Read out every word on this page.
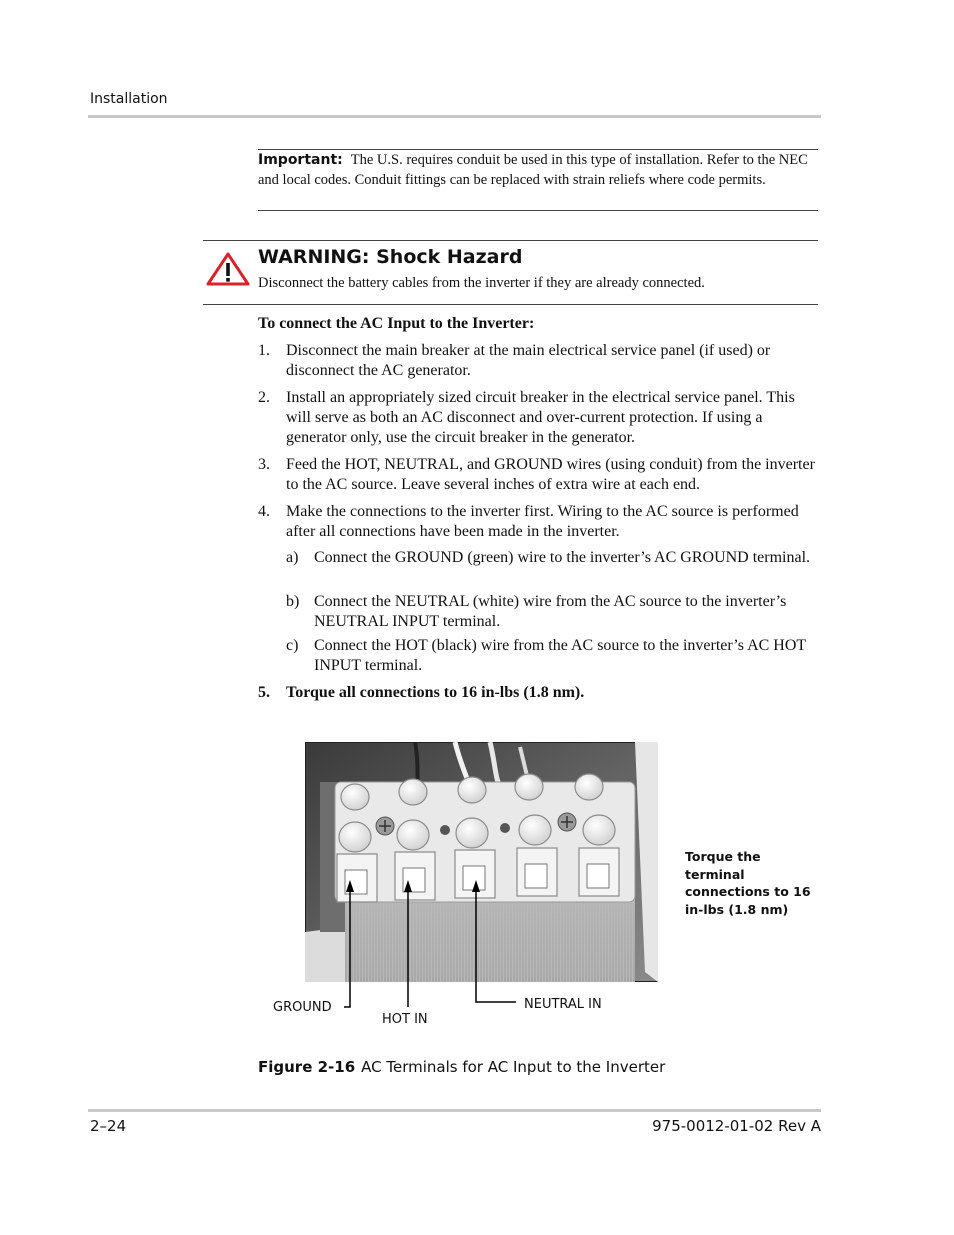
Installation
Important: The U.S. requires conduit be used in this type of installation. Refer to the NEC and local codes. Conduit fittings can be replaced with strain reliefs where code permits.
WARNING: Shock Hazard
Disconnect the battery cables from the inverter if they are already connected.
To connect the AC Input to the Inverter:
1. Disconnect the main breaker at the main electrical service panel (if used) or disconnect the AC generator.
2. Install an appropriately sized circuit breaker in the electrical service panel. This will serve as both an AC disconnect and over-current protection. If using a generator only, use the circuit breaker in the generator.
3. Feed the HOT, NEUTRAL, and GROUND wires (using conduit) from the inverter to the AC source. Leave several inches of extra wire at each end.
4. Make the connections to the inverter first. Wiring to the AC source is performed after all connections have been made in the inverter.
a) Connect the GROUND (green) wire to the inverter’s AC GROUND terminal.
b) Connect the NEUTRAL (white) wire from the AC source to the inverter’s NEUTRAL INPUT terminal.
c) Connect the HOT (black) wire from the AC source to the inverter’s AC HOT INPUT terminal.
5. Torque all connections to 16 in-lbs (1.8 nm).
GROUND
HOT IN
NEUTRAL IN
Torque the terminal connections to 16 in-lbs (1.8 nm)
Figure 2-16 AC Terminals for AC Input to the Inverter
2–24	975-0012-01-02 Rev A
